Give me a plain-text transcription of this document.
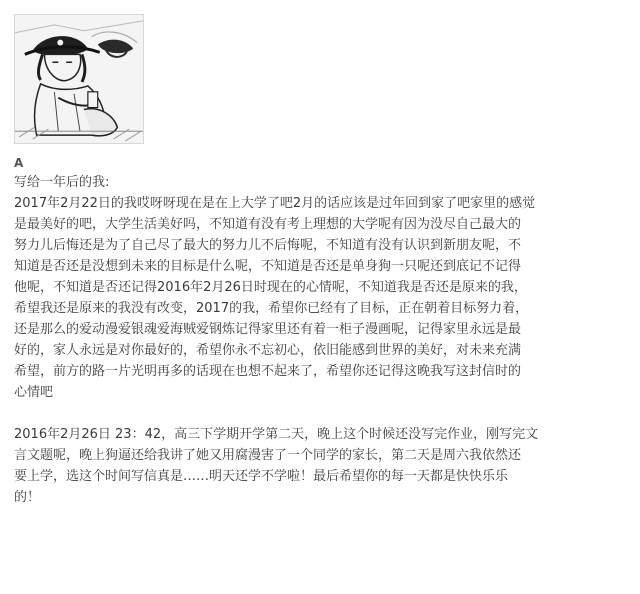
A
写给一年后的我:
2017年2月22日的我哎呀呀现在是在上大学了吧2月的话应该是过年回到家了吧家里的感觉
是最美好的吧，大学生活美好吗，不知道有没有考上理想的大学呢有因为没尽自己最大的
努力儿后悔还是为了自己尽了最大的努力儿不后悔呢，不知道有没有认识到新朋友呢，不
知道是否还是没想到未来的目标是什么呢，不知道是否还是单身狗一只呢还到底记不记得
他呢，不知道是否还记得2016年2月26日时现在的心情呢，不知道我是否还是原来的我，
希望我还是原来的我没有改变，2017的我，希望你已经有了目标，正在朝着目标努力着，
还是那么的爱动漫爱银魂爱海贼爱钢炼记得家里还有着一柜子漫画呢，记得家里永远是最
好的，家人永远是对你最好的，希望你永不忘初心，依旧能感到世界的美好，对未来充满
希望，前方的路一片光明再多的话现在也想不起来了，希望你还记得这晚我写这封信时的
心情吧
2016年2月26日 23：42，高三下学期开学第二天，晚上这个时候还没写完作业，刚写完文
言文题呢，晚上狗逼还给我讲了她又用腐漫害了一个同学的家长，第二天是周六我依然还
要上学，选这个时间写信真是……明天还学不学啦！最后希望你的每一天都是快快乐乐
的！
